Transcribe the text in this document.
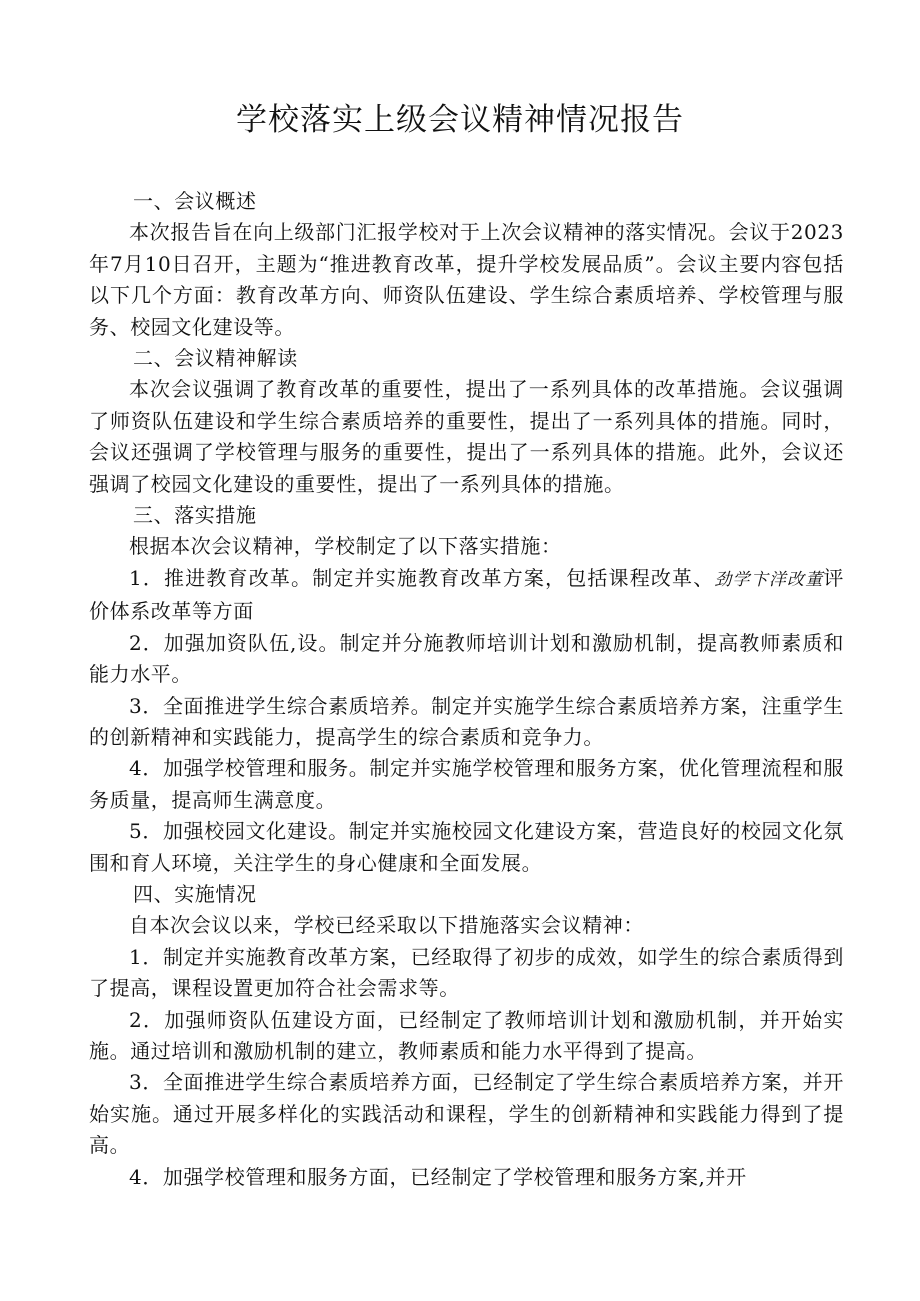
学校落实上级会议精神情况报告

一、会议概述

本次报告旨在向上级部门汇报学校对于上次会议精神的落实情况。会议于2023年7月10日召开，主题为“推进教育改革，提升学校发展品质”。会议主要内容包括以下几个方面：教育改革方向、师资队伍建设、学生综合素质培养、学校管理与服务、校园文化建设等。

二、会议精神解读

本次会议强调了教育改革的重要性，提出了一系列具体的改革措施。会议强调了师资队伍建设和学生综合素质培养的重要性，提出了一系列具体的措施。同时，会议还强调了学校管理与服务的重要性，提出了一系列具体的措施。此外，会议还强调了校园文化建设的重要性，提出了一系列具体的措施。

三、落实措施

根据本次会议精神，学校制定了以下落实措施：

1．推进教育改革。制定并实施教育改革方案，包括课程改革、劲学卞洋改董评价体系改革等方面

2．加强加资队伍,设。制定并分施教师培训计划和激励机制，提高教师素质和能力水平。

3．全面推进学生综合素质培养。制定并实施学生综合素质培养方案，注重学生的创新精神和实践能力，提高学生的综合素质和竞争力。

4．加强学校管理和服务。制定并实施学校管理和服务方案，优化管理流程和服务质量，提高师生满意度。

5．加强校园文化建设。制定并实施校园文化建设方案，营造良好的校园文化氛围和育人环境，关注学生的身心健康和全面发展。

四、实施情况

自本次会议以来，学校已经采取以下措施落实会议精神：

1．制定并实施教育改革方案，已经取得了初步的成效，如学生的综合素质得到了提高，课程设置更加符合社会需求等。

2．加强师资队伍建设方面，已经制定了教师培训计划和激励机制，并开始实施。通过培训和激励机制的建立，教师素质和能力水平得到了提高。

3．全面推进学生综合素质培养方面，已经制定了学生综合素质培养方案，并开始实施。通过开展多样化的实践活动和课程，学生的创新精神和实践能力得到了提高。

4．加强学校管理和服务方面，已经制定了学校管理和服务方案,并开
